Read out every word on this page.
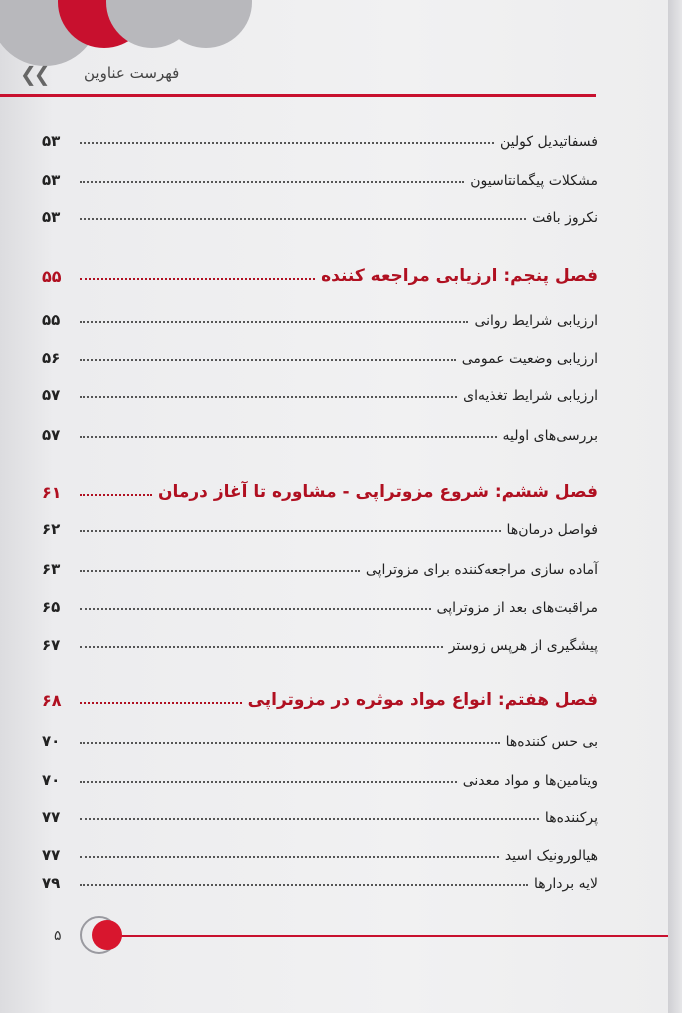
❮❮ فهرست عناوین
فسفاتیدیل کولین
۵۳
مشکلات پیگمانتاسیون
۵۳
نکروز بافت
۵۳
فصل پنجم: ارزیابی مراجعه کننده
۵۵
ارزیابی شرایط روانی
۵۵
ارزیابی وضعیت عمومی
۵۶
ارزیابی شرایط تغذیه‌ای
۵۷
بررسی‌های اولیه
۵۷
فصل ششم: شروع مزوتراپی - مشاوره تا آغاز درمان
۶۱
فواصل درمان‌ها
۶۲
آماده سازی مراجعه‌کننده برای مزوتراپی
۶۳
مراقبت‌های بعد از مزوتراپی
۶۵
پیشگیری از هرپس زوستر
۶۷
فصل هفتم: انواع مواد موثره در مزوتراپی
۶۸
بی حس کننده‌ها
۷۰
ویتامین‌ها و مواد معدنی
۷۰
پرکننده‌ها
۷۷
هیالورونیک اسید
۷۷
لایه بردارها
۷۹
۵
